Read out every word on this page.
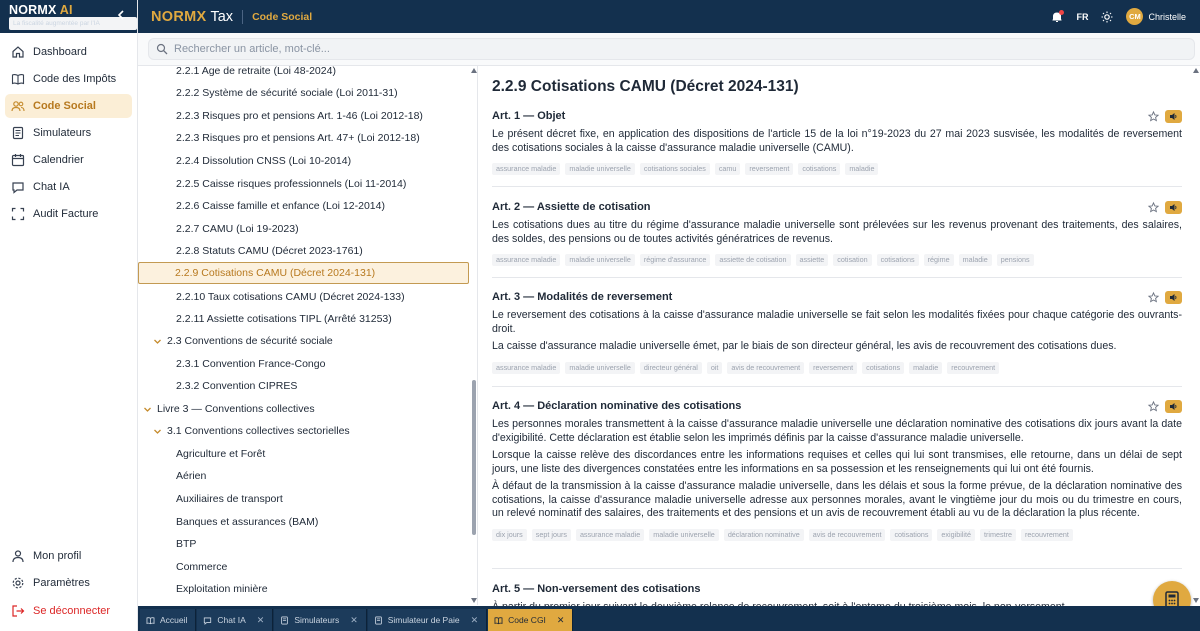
NORMX AI
La fiscalité augmentée par l'IA
Dashboard
Code des Impôts
Code Social
Simulateurs
Calendrier
Chat IA
Audit Facture
Mon profil
Paramètres
Se déconnecter
NORMX Tax Code Social	FR	CM Christelle
Rechercher un article, mot-clé...
2.2.1 Age de retraite (Loi 48-2024)
2.2.2 Système de sécurité sociale (Loi 2011-31)
2.2.3 Risques pro et pensions Art. 1-46 (Loi 2012-18)
2.2.3 Risques pro et pensions Art. 47+ (Loi 2012-18)
2.2.4 Dissolution CNSS (Loi 10-2014)
2.2.5 Caisse risques professionnels (Loi 11-2014)
2.2.6 Caisse famille et enfance (Loi 12-2014)
2.2.7 CAMU (Loi 19-2023)
2.2.8 Statuts CAMU (Décret 2023-1761)
2.2.9 Cotisations CAMU (Décret 2024-131)
2.2.10 Taux cotisations CAMU (Décret 2024-133)
2.2.11 Assiette cotisations TIPL (Arrêté 31253)
2.3 Conventions de sécurité sociale
2.3.1 Convention France-Congo
2.3.2 Convention CIPRES
Livre 3 — Conventions collectives
3.1 Conventions collectives sectorielles
Agriculture et Forêt
Aérien
Auxiliaires de transport
Banques et assurances (BAM)
BTP
Commerce
Exploitation minière
2.2.9 Cotisations CAMU (Décret 2024-131)
Art. 1 — Objet

Le présent décret fixe, en application des dispositions de l'article 15 de la loi n°19-2023 du 27 mai 2023 susvisée, les modalités de reversement des cotisations sociales à la caisse d'assurance maladie universelle (CAMU).

assurance maladie	maladie universelle	cotisations sociales	camu	reversement	cotisations	maladie
Art. 2 — Assiette de cotisation

Les cotisations dues au titre du régime d'assurance maladie universelle sont prélevées sur les revenus provenant des traitements, des salaires, des soldes, des pensions ou de toutes activités génératrices de revenus.

assurance maladie	maladie universelle	régime d'assurance	assiette de cotisation	assiette	cotisation	cotisations	régime	maladie	pensions
Art. 3 — Modalités de reversement

Le reversement des cotisations à la caisse d'assurance maladie universelle se fait selon les modalités fixées pour chaque catégorie des ouvrants-droit.

La caisse d'assurance maladie universelle émet, par le biais de son directeur général, les avis de recouvrement des cotisations dues.

assurance maladie	maladie universelle	directeur général	oit	avis de recouvrement	reversement	cotisations	maladie	recouvrement
Art. 4 — Déclaration nominative des cotisations

Les personnes morales transmettent à la caisse d'assurance maladie universelle une déclaration nominative des cotisations dix jours avant la date d'exigibilité. Cette déclaration est établie selon les imprimés définis par la caisse d'assurance maladie universelle.

Lorsque la caisse relève des discordances entre les informations requises et celles qui lui sont transmises, elle retourne, dans un délai de sept jours, une liste des divergences constatées entre les informations en sa possession et les renseignements qui lui ont été fournis.

À défaut de la transmission à la caisse d'assurance maladie universelle, dans les délais et sous la forme prévue, de la déclaration nominative des cotisations, la caisse d'assurance maladie universelle adresse aux personnes morales, avant le vingtième jour du mois ou du trimestre en cours, un relevé nominatif des salaires, des traitements et des pensions et un avis de recouvrement établi au vu de la déclaration la plus récente.

dix jours	sept jours	assurance maladie	maladie universelle	déclaration nominative	avis de recouvrement	cotisations	exigibilité	trimestre	recouvrement
Art. 5 — Non-versement des cotisations

Accueil	Chat IA ✕	Simulateurs ✕	Simulateur de Paie ✕	Code CGI ✕
